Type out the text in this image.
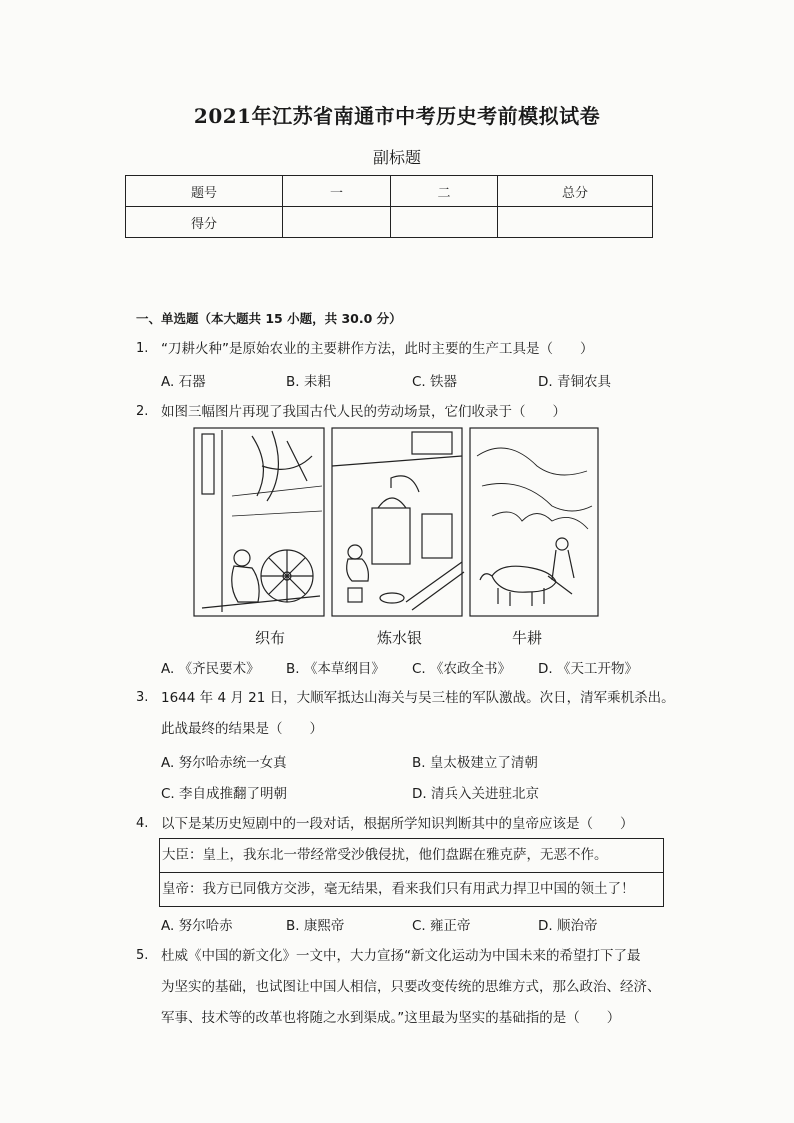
2021年江苏省南通市中考历史考前模拟试卷
副标题
题号	一	二	总分
得分			
一、单选题（本大题共 15 小题，共 30.0 分）
1. “刀耕火种”是原始农业的主要耕作方法，此时主要的生产工具是（　　）
A. 石器	B. 耒耜	C. 铁器	D. 青铜农具
2. 如图三幅图片再现了我国古代人民的劳动场景，它们收录于（　　）
织布	炼水银	牛耕
A. 《齐民要术》 B. 《本草纲目》 C. 《农政全书》 D. 《天工开物》
3. 1644 年 4 月 21 日，大顺军抵达山海关与吴三桂的军队激战。次日，清军乘机杀出。
此战最终的结果是（　　）
A. 努尔哈赤统一女真	B. 皇太极建立了清朝
C. 李自成推翻了明朝	D. 清兵入关进驻北京
4. 以下是某历史短剧中的一段对话，根据所学知识判断其中的皇帝应该是（　　）
大臣：皇上，我东北一带经常受沙俄侵扰，他们盘踞在雅克萨，无恶不作。
皇帝：我方已同俄方交涉，毫无结果，看来我们只有用武力捍卫中国的领土了！
A. 努尔哈赤	B. 康熙帝	C. 雍正帝	D. 顺治帝
5. 杜威《中国的新文化》一文中，大力宣扬“新文化运动为中国未来的希望打下了最
为坚实的基础，也试图让中国人相信，只要改变传统的思维方式，那么政治、经济、
军事、技术等的改革也将随之水到渠成。”这里最为坚实的基础指的是（　　）
